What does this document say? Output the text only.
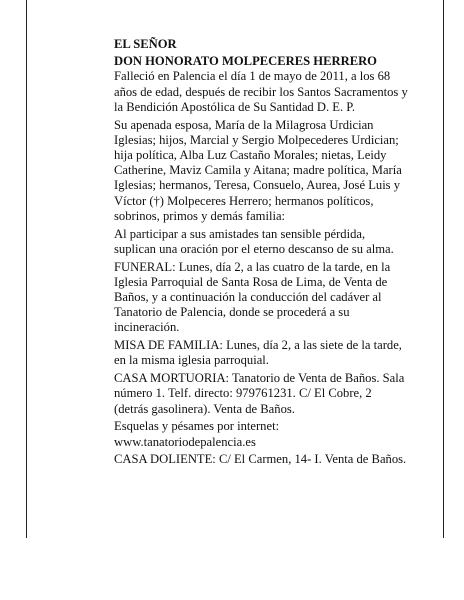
EL SEÑOR

DON HONORATO MOLPECERES HERRERO

Falleció en Palencia el día 1 de mayo de 2011, a los 68 años de edad, después de recibir los Santos Sacramentos y la Bendición Apostólica de Su Santidad D. E. P.

Su apenada esposa, María de la Milagrosa Urdician Iglesias; hijos, Marcial y Sergio Molpecederes Urdician; hija política, Alba Luz Castaño Morales; nietas, Leidy Catherine, Maviz Camila y Aitana; madre política, María Iglesias; hermanos, Teresa, Consuelo, Aurea, José Luis y Víctor (†) Molpeceres Herrero; hermanos políticos, sobrinos, primos y demás familia:

Al participar a sus amistades tan sensible pérdida, suplican una oración por el eterno descanso de su alma.

FUNERAL: Lunes, día 2, a las cuatro de la tarde, en la Iglesia Parroquial de Santa Rosa de Lima, de Venta de Baños, y a continuación la conducción del cadáver al Tanatorio de Palencia, donde se procederá a su incineración.

MISA DE FAMILIA: Lunes, día 2, a las siete de la tarde, en la misma iglesia parroquial.

CASA MORTUORIA: Tanatorio de Venta de Baños. Sala número 1. Telf. directo: 979761231. C/ El Cobre, 2 (detrás gasolinera). Venta de Baños.

Esquelas y pésames por internet: www.tanatoriodepalencia.es

CASA DOLIENTE: C/ El Carmen, 14- I. Venta de Baños.
